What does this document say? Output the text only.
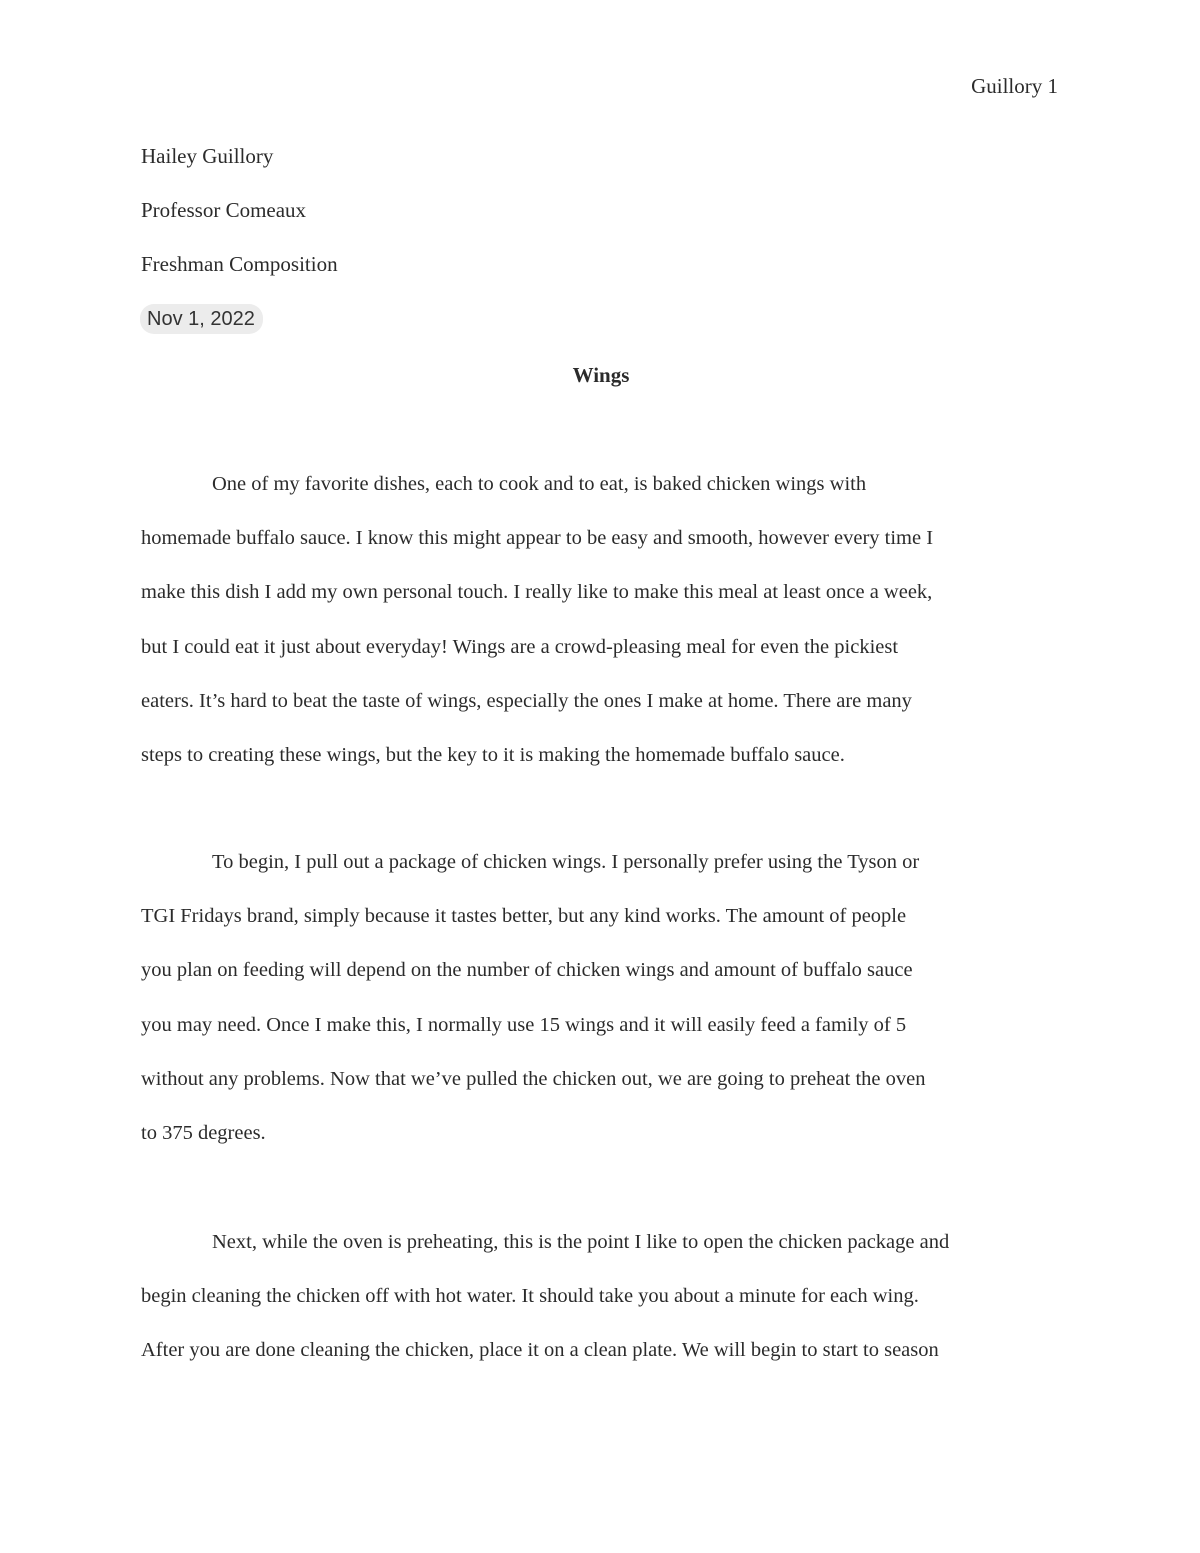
Guillory 1
Hailey Guillory
Professor Comeaux
Freshman Composition
Nov 1, 2022
Wings
One of my favorite dishes, each to cook and to eat, is baked chicken wings with
homemade buffalo sauce. I know this might appear to be easy and smooth, however every time I
make this dish I add my own personal touch. I really like to make this meal at least once a week,
but I could eat it just about everyday! Wings are a crowd-pleasing meal for even the pickiest
eaters. It’s hard to beat the taste of wings, especially the ones I make at home. There are many
steps to creating these wings, but the key to it is making the homemade buffalo sauce.
To begin, I pull out a package of chicken wings. I personally prefer using the Tyson or
TGI Fridays brand, simply because it tastes better, but any kind works. The amount of people
you plan on feeding will depend on the number of chicken wings and amount of buffalo sauce
you may need. Once I make this, I normally use 15 wings and it will easily feed a family of 5
without any problems. Now that we’ve pulled the chicken out, we are going to preheat the oven
to 375 degrees.
Next, while the oven is preheating, this is the point I like to open the chicken package and
begin cleaning the chicken off with hot water. It should take you about a minute for each wing.
After you are done cleaning the chicken, place it on a clean plate. We will begin to start to season
